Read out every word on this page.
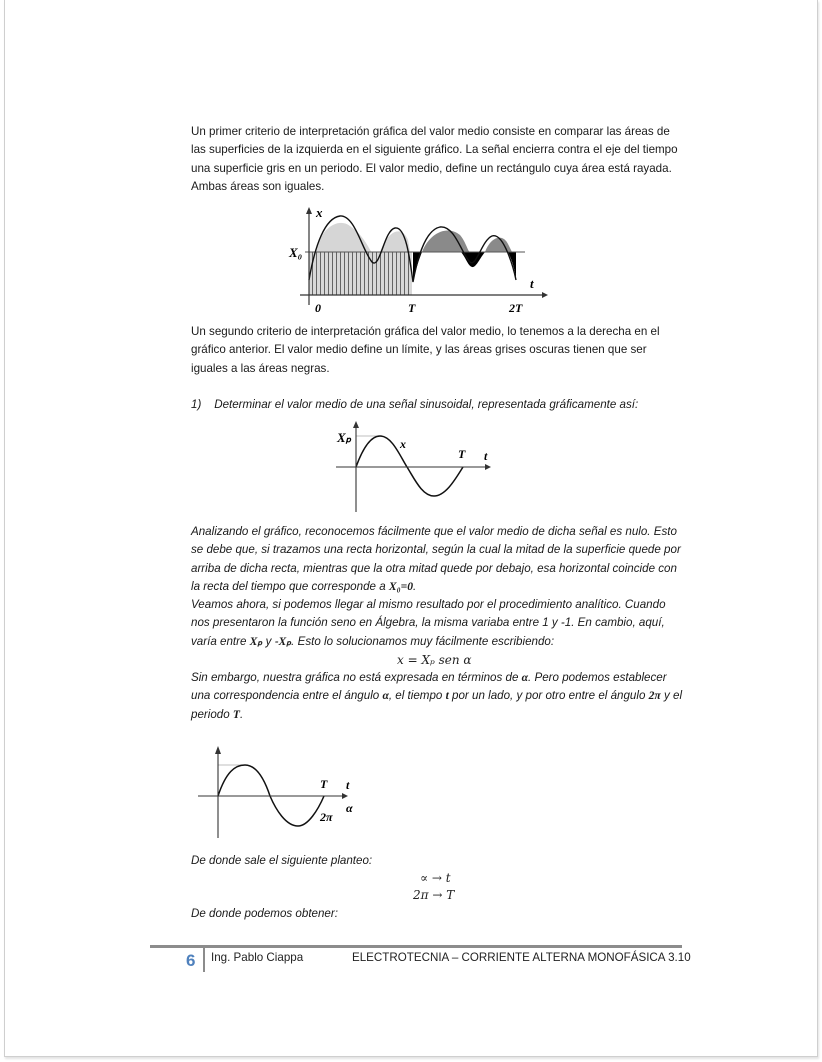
Un primer criterio de interpretación gráfica del valor medio consiste en comparar las áreas de las superficies de la izquierda en el siguiente gráfico. La señal encierra contra el eje del tiempo una superficie gris en un periodo. El valor medio, define un rectángulo cuya área está rayada. Ambas áreas son iguales.
x
X₀
t
0	T	2T
Un segundo criterio de interpretación gráfica del valor medio, lo tenemos a la derecha en el gráfico anterior. El valor medio define un límite, y las áreas grises oscuras tienen que ser iguales a las áreas negras.
1)    Determinar el valor medio de una señal sinusoidal, representada gráficamente así:
Xₚ	x
T t
Analizando el gráfico, reconocemos fácilmente que el valor medio de dicha señal es nulo. Esto se debe que, si trazamos una recta horizontal, según la cual la mitad de la superficie quede por arriba de dicha recta, mientras que la otra mitad quede por debajo, esa horizontal coincide con la recta del tiempo que corresponde a X₀=0.
Veamos ahora, si podemos llegar al mismo resultado por el procedimiento analítico. Cuando nos presentaron la función seno en Álgebra, la misma variaba entre 1 y -1. En cambio, aquí, varía entre Xₚ y -Xₚ. Esto lo solucionamos muy fácilmente escribiendo:
x = Xₚ sen α
Sin embargo, nuestra gráfica no está expresada en términos de α. Pero podemos establecer una correspondencia entre el ángulo α, el tiempo t por un lado, y por otro entre el ángulo 2π y el periodo T.
T t
2π
α
De donde sale el siguiente planteo:
∝ → t
2π → T
De donde podemos obtener:
6 Ing. Pablo Ciappa	ELECTROTECNIA – CORRIENTE ALTERNA MONOFÁSICA 3.10
